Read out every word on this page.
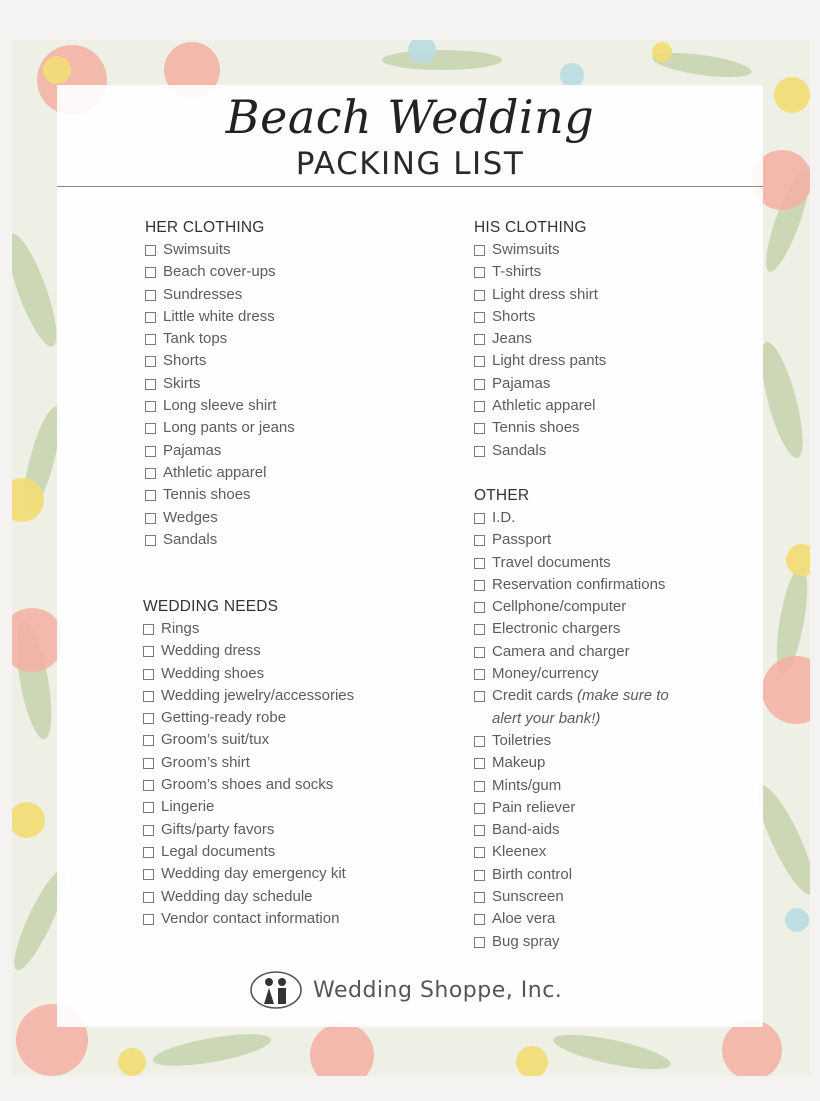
Beach Wedding
PACKING LIST
HER CLOTHING
Swimsuits
Beach cover-ups
Sundresses
Little white dress
Tank tops
Shorts
Skirts
Long sleeve shirt
Long pants or jeans
Pajamas
Athletic apparel
Tennis shoes
Wedges
Sandals
HIS CLOTHING
Swimsuits
T-shirts
Light dress shirt
Shorts
Jeans
Light dress pants
Pajamas
Athletic apparel
Tennis shoes
Sandals
WEDDING NEEDS
Rings
Wedding dress
Wedding shoes
Wedding jewelry/accessories
Getting-ready robe
Groom’s suit/tux
Groom’s shirt
Groom’s shoes and socks
Lingerie
Gifts/party favors
Legal documents
Wedding day emergency kit
Wedding day schedule
Vendor contact information
OTHER
I.D.
Passport
Travel documents
Reservation confirmations
Cellphone/computer
Electronic chargers
Camera and charger
Money/currency
Credit cards (make sure to alert your bank!)
Toiletries
Makeup
Mints/gum
Pain reliever
Band-aids
Kleenex
Birth control
Sunscreen
Aloe vera
Bug spray
Wedding Shoppe, Inc.
